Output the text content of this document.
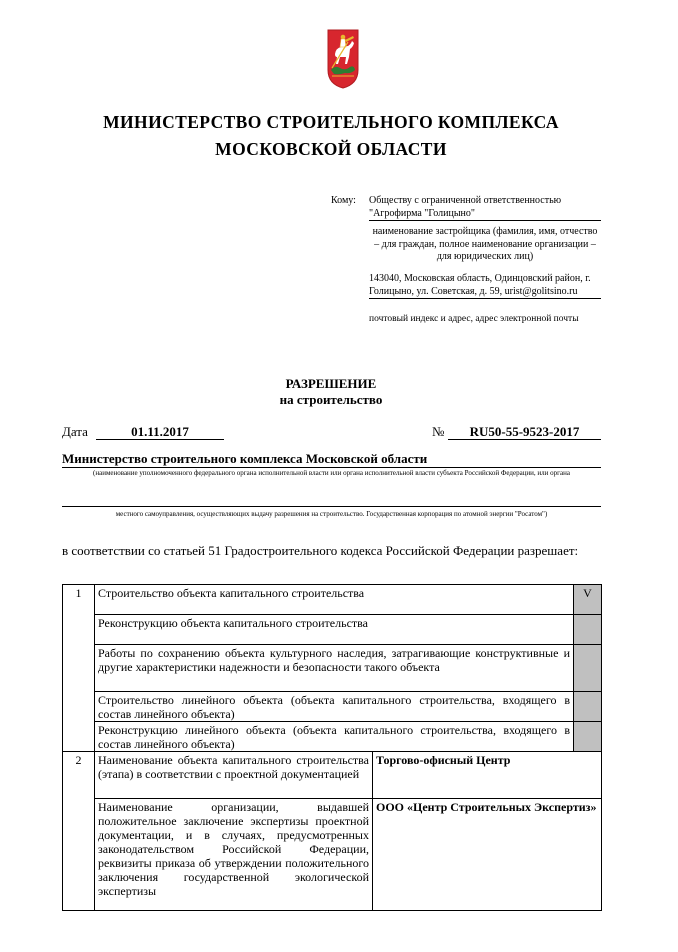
МИНИСТЕРСТВО СТРОИТЕЛЬНОГО КОМПЛЕКСА
МОСКОВСКОЙ ОБЛАСТИ
Кому: Обществу с ограниченной ответственностью "Агрофирма "Голицыно"
наименование застройщика (фамилия, имя, отчество – для граждан, полное наименование организации – для юридических лиц)
143040, Московская область, Одинцовский район, г. Голицыно, ул. Советская, д. 59, urist@golitsino.ru
почтовый индекс и адрес, адрес электронной почты
РАЗРЕШЕНИЕ
на строительство
Дата	01.11.2017	№	RU50-55-9523-2017
Министерство строительного комплекса Московской области
(наименование уполномоченного федерального органа исполнительной власти или органа исполнительной власти субъекта Российской Федерации, или органа
местного самоуправления, осуществляющих выдачу разрешения на строительство. Государственная корпорация по атомной энергии "Росатом")
в соответствии со статьей 51 Градостроительного кодекса Российской Федерации разрешает:
1	Строительство объекта капитального строительства		V
	Реконструкцию объекта капитального строительства		
	Работы по сохранению объекта культурного наследия, затрагивающие конструктивные и другие характеристики надежности и безопасности такого объекта		
	Строительство линейного объекта (объекта капитального строительства, входящего в состав линейного объекта)		
	Реконструкцию линейного объекта (объекта капитального строительства, входящего в состав линейного объекта)		
2	Наименование объекта капитального строительства (этапа) в соответствии с проектной документацией	Торгово-офисный Центр	
	Наименование организации, выдавшей положительное заключение экспертизы проектной документации, и в случаях, предусмотренных законодательством Российской Федерации, реквизиты приказа об утверждении положительного заключения государственной экологической экспертизы	ООО «Центр Строительных Экспертиз»	
